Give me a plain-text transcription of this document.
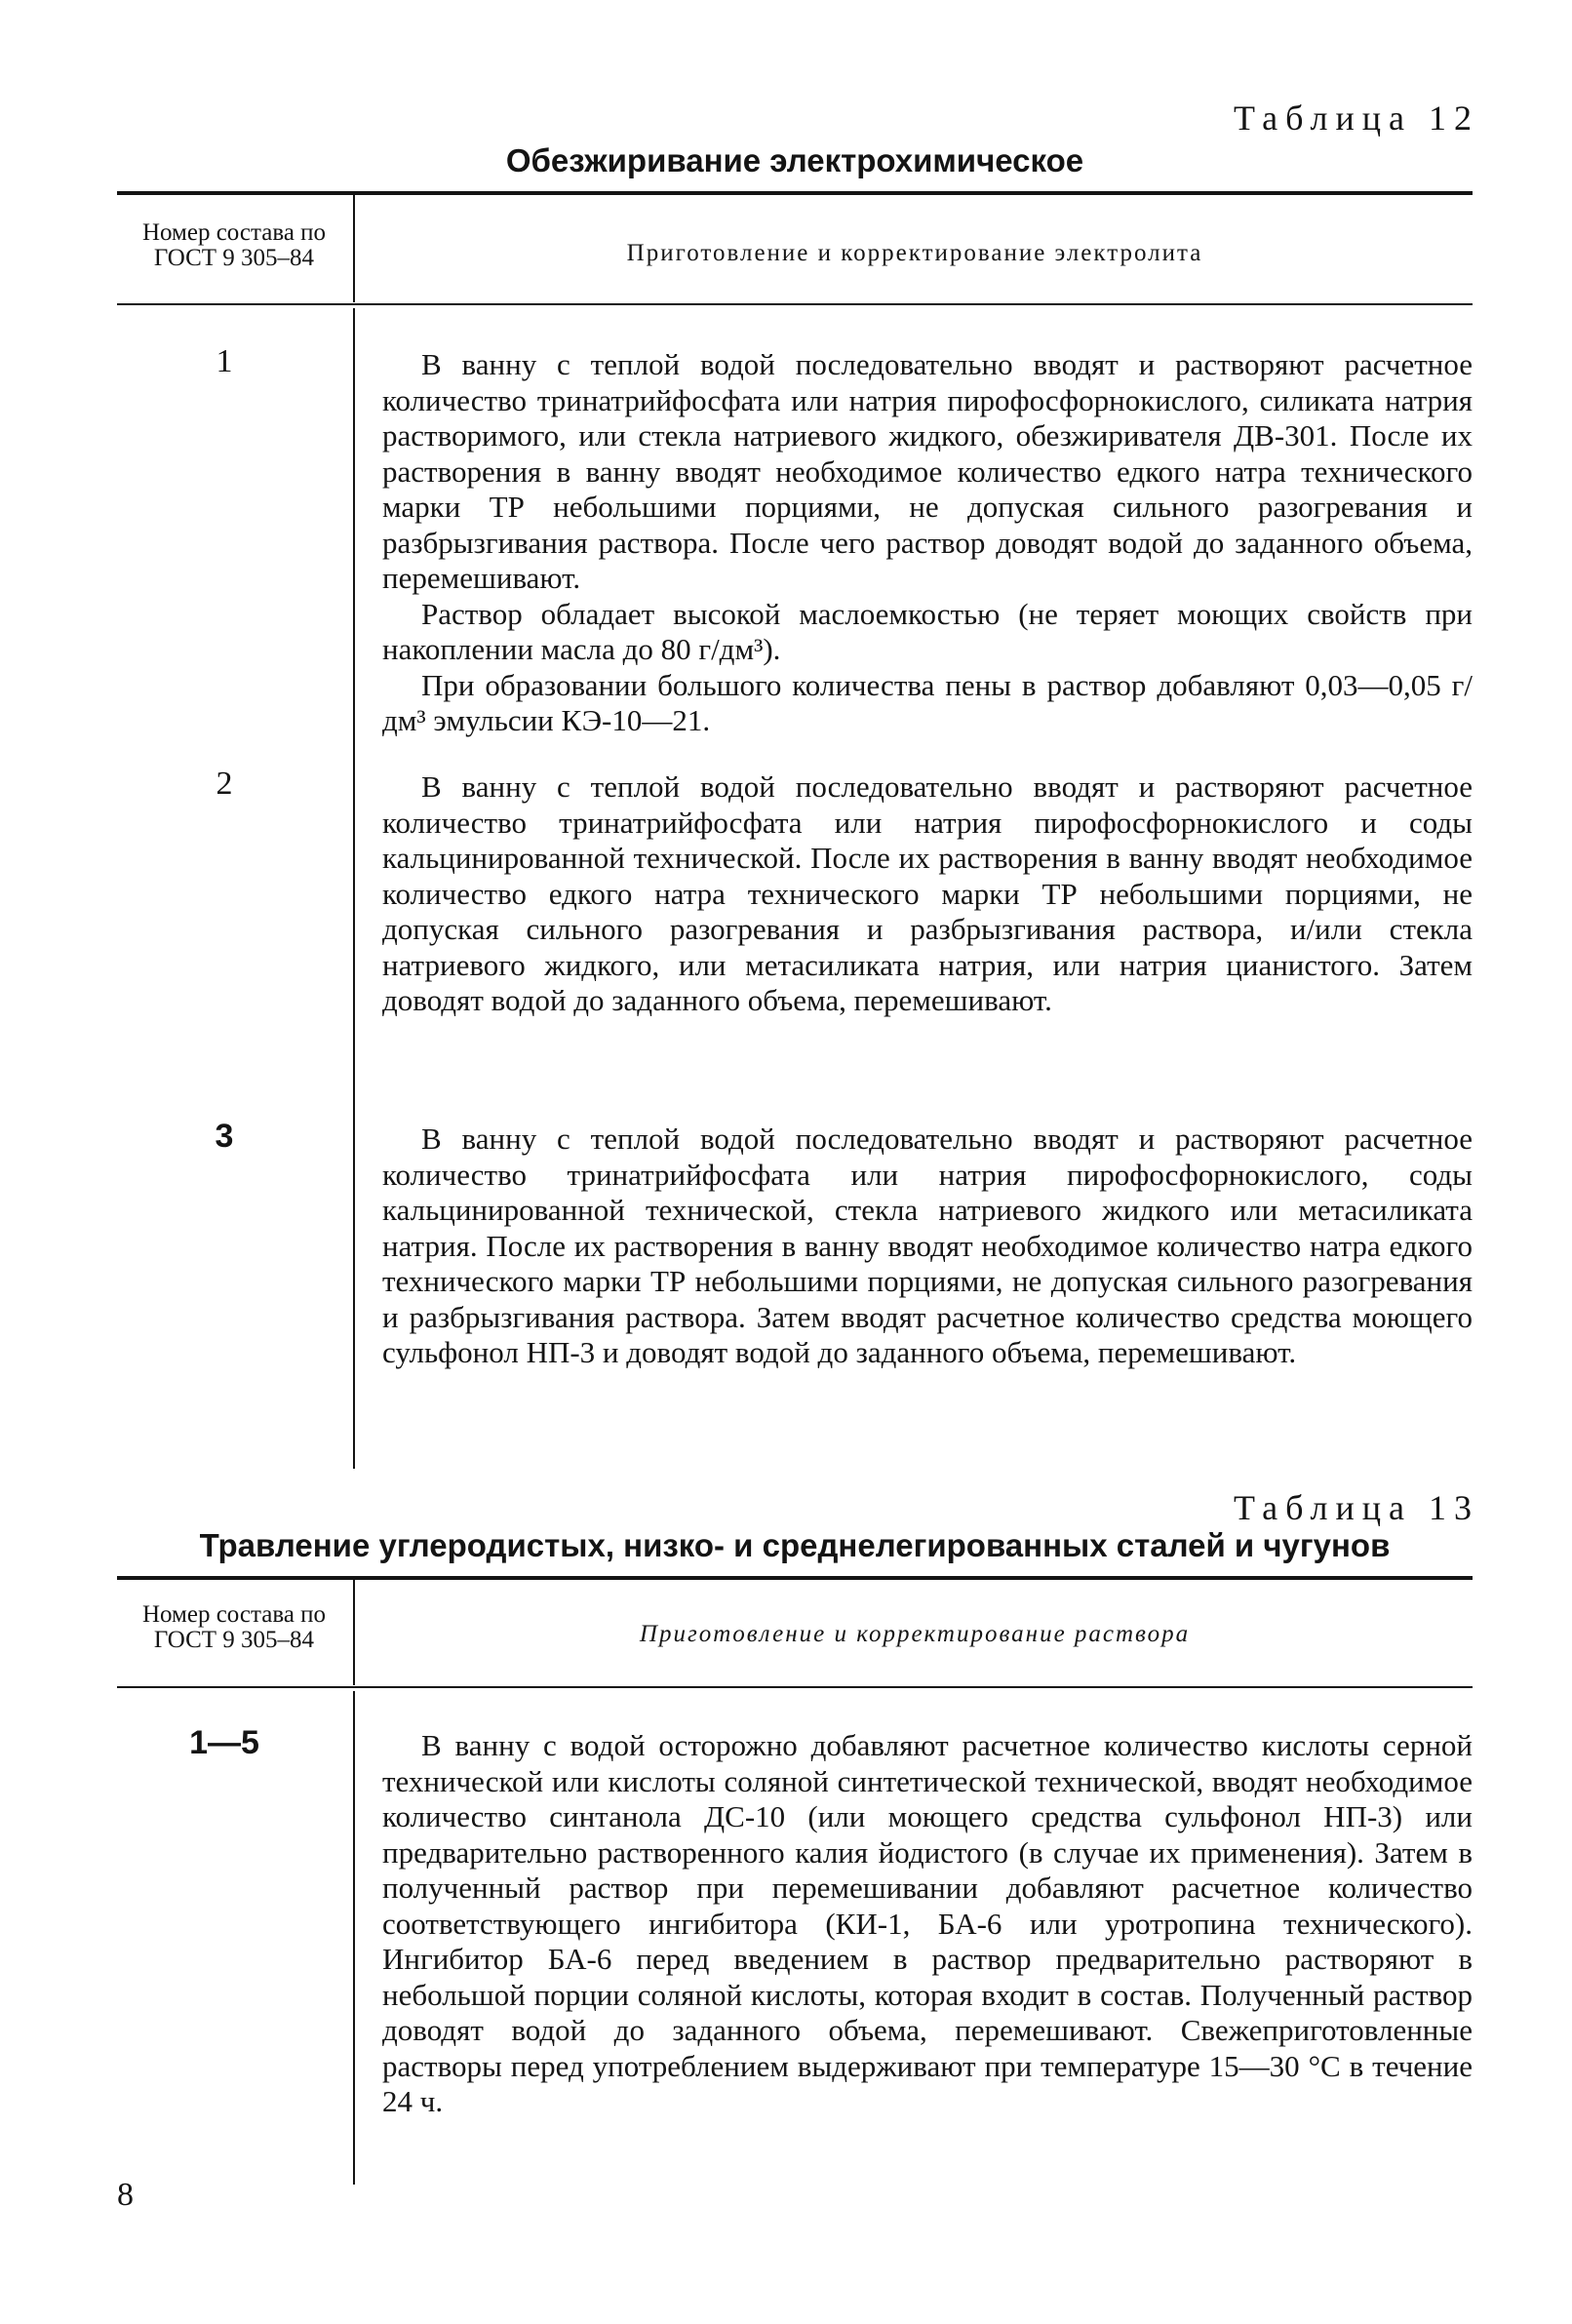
Таблица 12
Обезжиривание электрохимическое
Номер состава по ГОСТ 9 305–84	Приготовление и корректирование электролита
1	В ванну с теплой водой последовательно вводят и растворяют расчетное количество тринатрийфосфата или натрия пирофосфорнокислого, силиката натрия растворимого, или стекла натриевого жидкого, обезжиривателя ДВ-301. После их растворения в ванну вводят необходимое количество едкого натра технического марки ТР небольшими порциями, не допуская сильного разогревания и разбрызгивания раствора. После чего раствор доводят водой до заданного объема, перемешивают.

Раствор обладает высокой маслоемкостью (не теряет моющих свойств при накоплении масла до 80 г/дм³).

При образовании большого количества пены в раствор добавляют 0,03—0,05 г/дм³ эмульсии КЭ-10—21.

2	В ванну с теплой водой последовательно вводят и растворяют расчетное количество тринатрийфосфата или натрия пирофосфорнокислого и соды кальцинированной технической. После их растворения в ванну вводят необходимое количество едкого натра технического марки ТР небольшими порциями, не допуская сильного разогревания и разбрызгивания раствора, и/или стекла натриевого жидкого, или метасиликата натрия, или натрия цианистого. Затем доводят водой до заданного объема, перемешивают.

3	В ванну с теплой водой последовательно вводят и растворяют расчетное количество тринатрийфосфата или натрия пирофосфорнокислого, соды кальцинированной технической, стекла натриевого жидкого или метасиликата натрия. После их растворения в ванну вводят необходимое количество натра едкого технического марки ТР небольшими порциями, не допуская сильного разогревания и разбрызгивания раствора. Затем вводят расчетное количество средства моющего сульфонол НП-3 и доводят водой до заданного объема, перемешивают.

Таблица 13
Травление углеродистых, низко- и среднелегированных сталей и чугунов
Номер состава по ГОСТ 9 305–84	Приготовление и корректирование раствора
1—5	В ванну с водой осторожно добавляют расчетное количество кислоты серной технической или кислоты соляной синтетической технической, вводят необходимое количество синтанола ДС-10 (или моющего средства сульфонол НП-3) или предварительно растворенного калия йодистого (в случае их применения). Затем в полученный раствор при перемешивании добавляют расчетное количество соответствующего ингибитора (КИ-1, БА-6 или уротропина технического). Ингибитор БА-6 перед введением в раствор предварительно растворяют в небольшой порции соляной кислоты, которая входит в состав. Полученный раствор доводят водой до заданного объема, перемешивают. Свежеприготовленные растворы перед употреблением выдерживают при температуре 15—30 °С в течение 24 ч.

8
